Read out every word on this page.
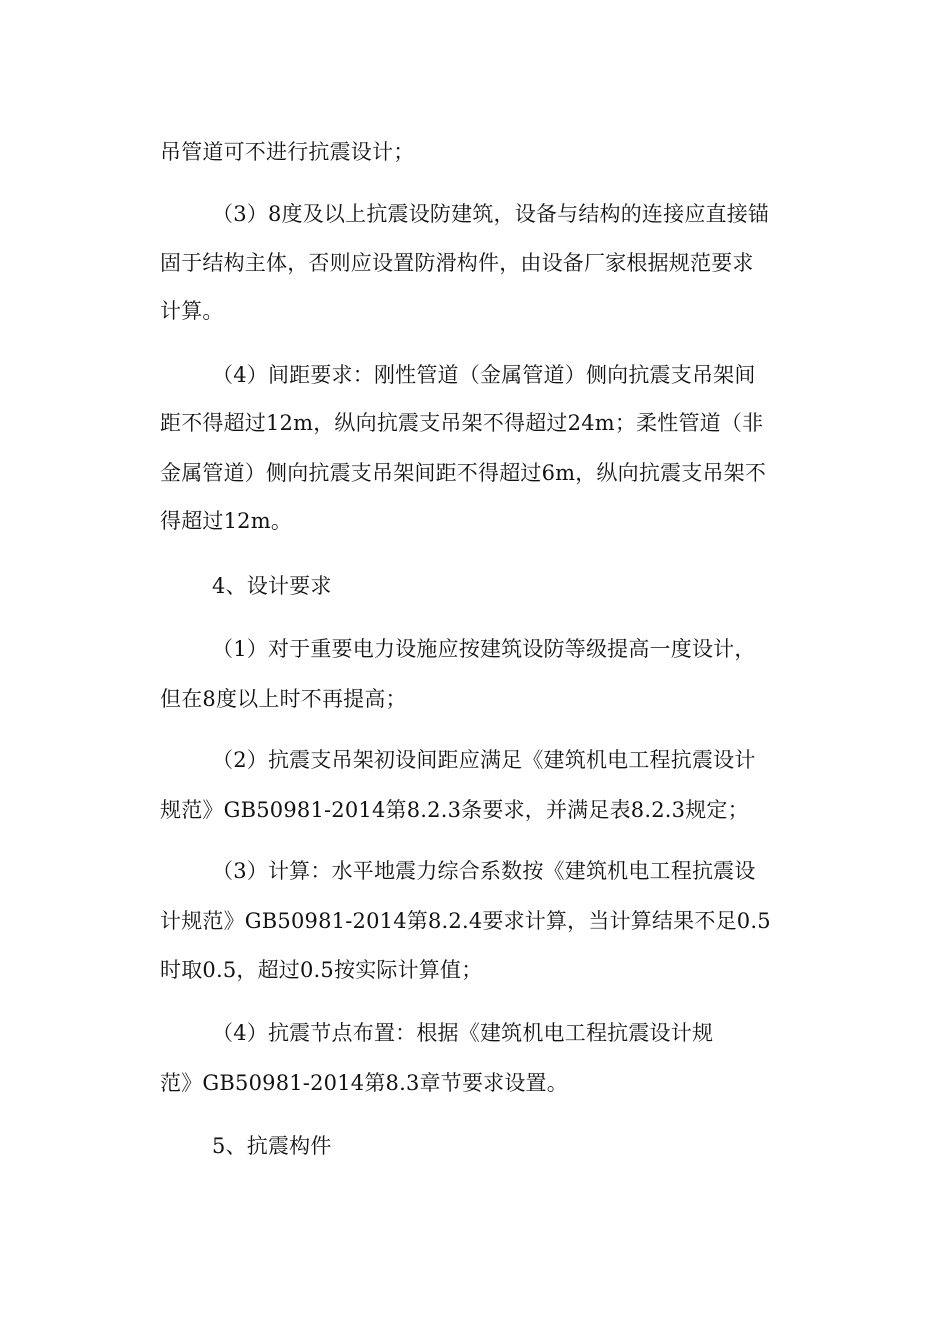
吊管道可不进行抗震设计；
（3）8度及以上抗震设防建筑，设备与结构的连接应直接锚
固于结构主体，否则应设置防滑构件，由设备厂家根据规范要求
计算。
（4）间距要求：刚性管道（金属管道）侧向抗震支吊架间
距不得超过12m，纵向抗震支吊架不得超过24m；柔性管道（非
金属管道）侧向抗震支吊架间距不得超过6m，纵向抗震支吊架不
得超过12m。
4、设计要求
（1）对于重要电力设施应按建筑设防等级提高一度设计，
但在8度以上时不再提高；
（2）抗震支吊架初设间距应满足《建筑机电工程抗震设计
规范》GB50981-2014第8.2.3条要求，并满足表8.2.3规定；
（3）计算：水平地震力综合系数按《建筑机电工程抗震设
计规范》GB50981-2014第8.2.4要求计算，当计算结果不足0.5
时取0.5，超过0.5按实际计算值；
（4）抗震节点布置：根据《建筑机电工程抗震设计规
范》GB50981-2014第8.3章节要求设置。
5、抗震构件
